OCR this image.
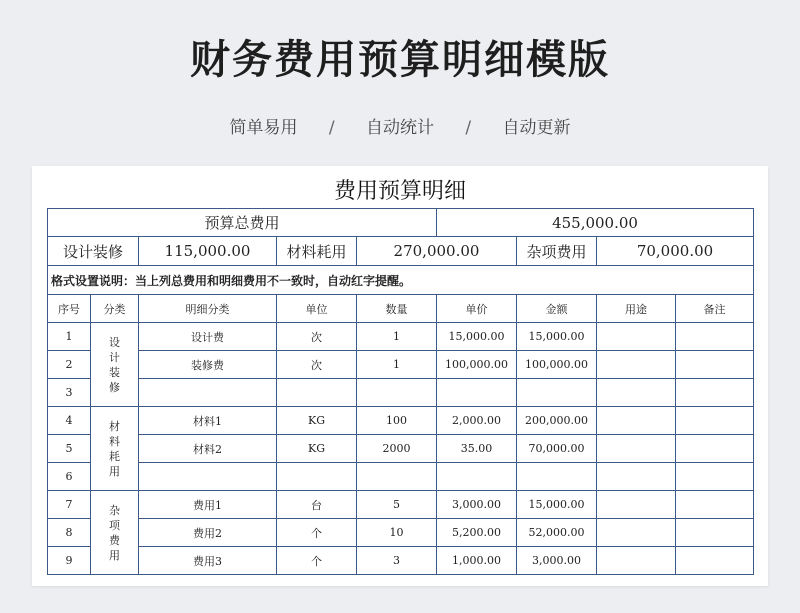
财务费用预算明细模版
简单易用 / 自动统计 / 自动更新
费用预算明细
预算总费用					455,000.00			
设计装修		115,000.00	材料耗用	270,000.00		杂项费用	70,000.00	
格式设置说明：当上列总费用和明细费用不一致时，自动红字提醒。								
序号	分类	明细分类	单位	数量	单价	金额	用途	备注
1	设计装修	设计费	次	1	15,000.00	15,000.00		
2		装修费	次	1	100,000.00	100,000.00		
3								
4	材料耗用	材料1	KG	100	2,000.00	200,000.00		
5		材料2	KG	2000	35.00	70,000.00		
6								
7	杂项费用	费用1	台	5	3,000.00	15,000.00		
8		费用2	个	10	5,200.00	52,000.00		
9		费用3	个	3	1,000.00	3,000.00		
